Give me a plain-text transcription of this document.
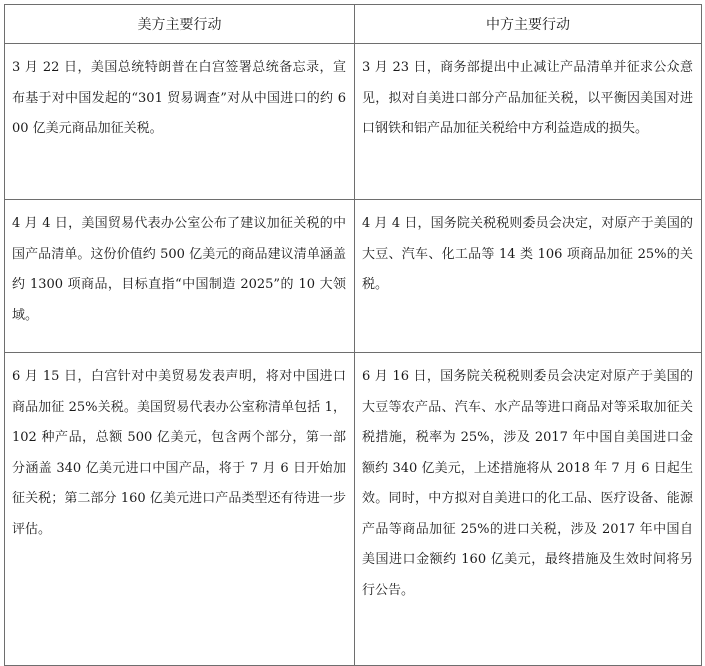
美方主要行动	中方主要行动

3 月 22 日，美国总统特朗普在白宫签署总统备忘录，宣布基于对中国发起的“301 贸易调查”对从中国进口的约 600 亿美元商品加征关税。	3 月 23 日，商务部提出中止减让产品清单并征求公众意见，拟对自美进口部分产品加征关税，以平衡因美国对进口钢铁和铝产品加征关税给中方利益造成的损失。

4 月 4 日，美国贸易代表办公室公布了建议加征关税的中国产品清单。这份价值约 500 亿美元的商品建议清单涵盖约 1300 项商品，目标直指“中国制造 2025”的 10 大领域。	4 月 4 日，国务院关税税则委员会决定，对原产于美国的大豆、汽车、化工品等 14 类 106 项商品加征 25%的关税。

6 月 15 日，白宫针对中美贸易发表声明，将对中国进口商品加征 25%关税。美国贸易代表办公室称清单包括 1，102 种产品，总额 500 亿美元，包含两个部分，第一部分涵盖 340 亿美元进口中国产品，将于 7 月 6 日开始加征关税；第二部分 160 亿美元进口产品类型还有待进一步评估。	6 月 16 日，国务院关税税则委员会决定对原产于美国的大豆等农产品、汽车、水产品等进口商品对等采取加征关税措施，税率为 25%，涉及 2017 年中国自美国进口金额约 340 亿美元，上述措施将从 2018 年 7 月 6 日起生效。同时，中方拟对自美进口的化工品、医疗设备、能源产品等商品加征 25%的进口关税，涉及 2017 年中国自美国进口金额约 160 亿美元，最终措施及生效时间将另行公告。
